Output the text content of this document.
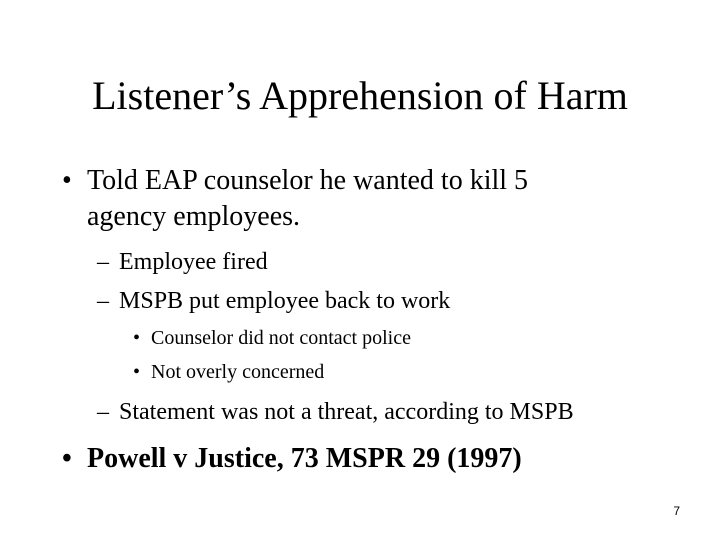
Listener’s Apprehension of Harm
• Told EAP counselor he wanted to kill 5
agency employees.
– Employee fired
– MSPB put employee back to work
• Counselor did not contact police
• Not overly concerned
– Statement was not a threat, according to MSPB
• Powell v Justice, 73 MSPR 29 (1997)
7
